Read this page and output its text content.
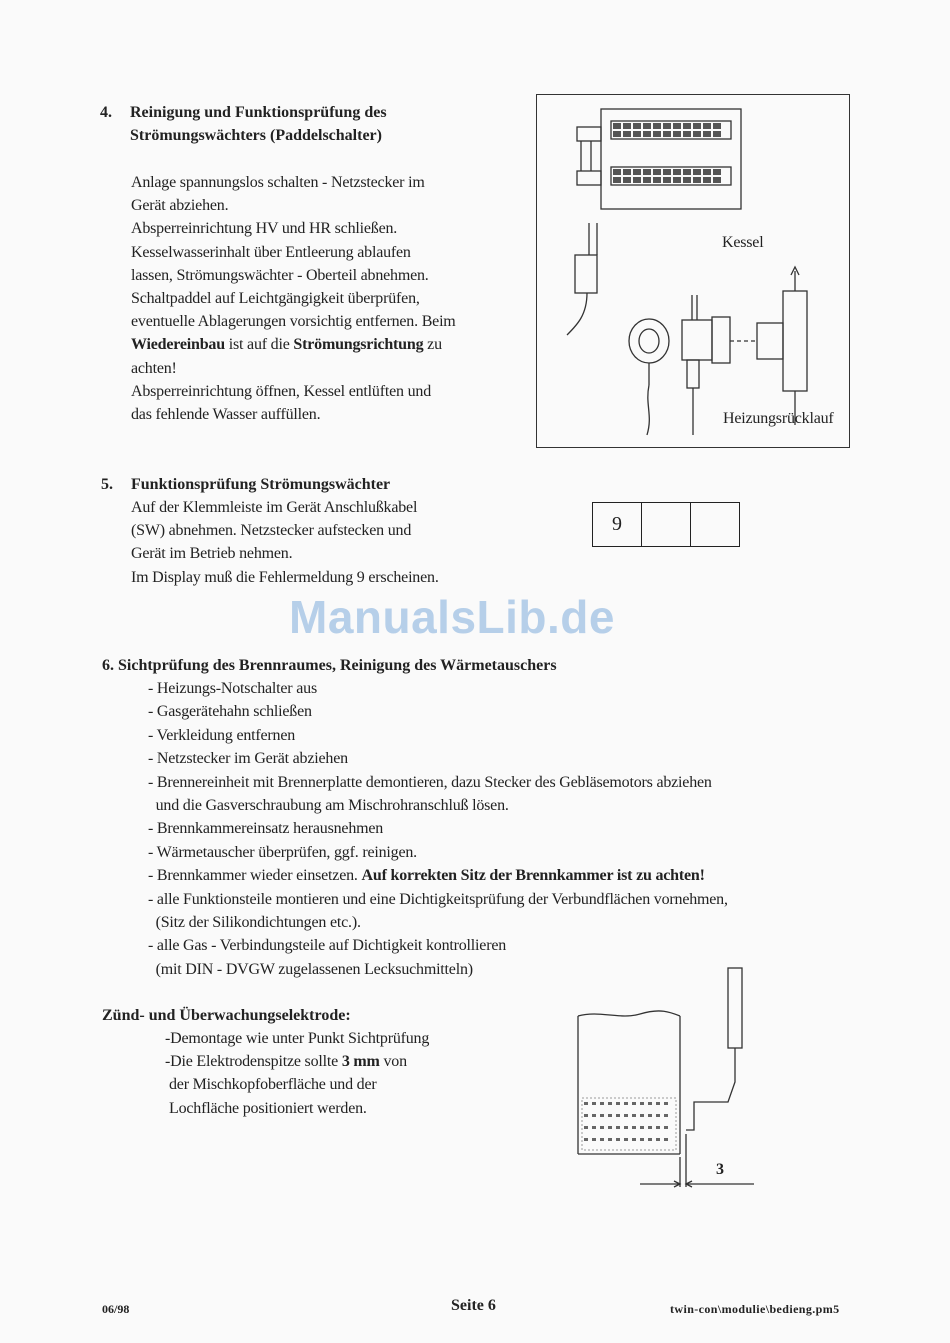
4. Reinigung und Funktionsprüfung des
Strömungswächters (Paddelschalter)
Anlage spannungslos schalten - Netzstecker im
Gerät abziehen.
Absperreinrichtung HV und HR schließen.
Kesselwasserinhalt über Entleerung ablaufen
lassen, Strömungswächter - Oberteil abnehmen.
Schaltpaddel auf Leichtgängigkeit überprüfen,
eventuelle Ablagerungen vorsichtig entfernen. Beim
Wiedereinbau ist auf die Strömungsrichtung zu
achten!
Absperreinrichtung öffnen, Kessel entlüften und
das fehlende Wasser auffüllen.
Kessel
Heizungsrücklauf
5. Funktionsprüfung Strömungswächter
Auf der Klemmleiste im Gerät Anschlußkabel
(SW) abnehmen. Netzstecker aufstecken und
Gerät im Betrieb nehmen.
Im Display muß die Fehlermeldung 9 erscheinen.
9
ManualsLib.de
6. Sichtprüfung des Brennraumes, Reinigung des Wärmetauschers
- Heizungs-Notschalter aus
- Gasgerätehahn schließen
- Verkleidung entfernen
- Netzstecker im Gerät abziehen
- Brennereinheit mit Brennerplatte demontieren, dazu Stecker des Gebläsemotors abziehen
und die Gasverschraubung am Mischrohranschluß lösen.
- Brennkammereinsatz herausnehmen
- Wärmetauscher überprüfen, ggf. reinigen.
- Brennkammer wieder einsetzen. Auf korrekten Sitz der Brennkammer ist zu achten!
- alle Funktionsteile montieren und eine Dichtigkeitsprüfung der Verbundflächen vornehmen,
(Sitz der Silikondichtungen etc.).
- alle Gas - Verbindungsteile auf Dichtigkeit kontrollieren
(mit DIN - DVGW zugelassenen Lecksuchmitteln)
Zünd- und Überwachungselektrode:
-Demontage wie unter Punkt Sichtprüfung
-Die Elektrodenspitze sollte 3 mm von
der Mischkopfoberfläche und der
Lochfläche positioniert werden.
3
06/98	Seite 6	twin-con\modulie\bedieng.pm5
